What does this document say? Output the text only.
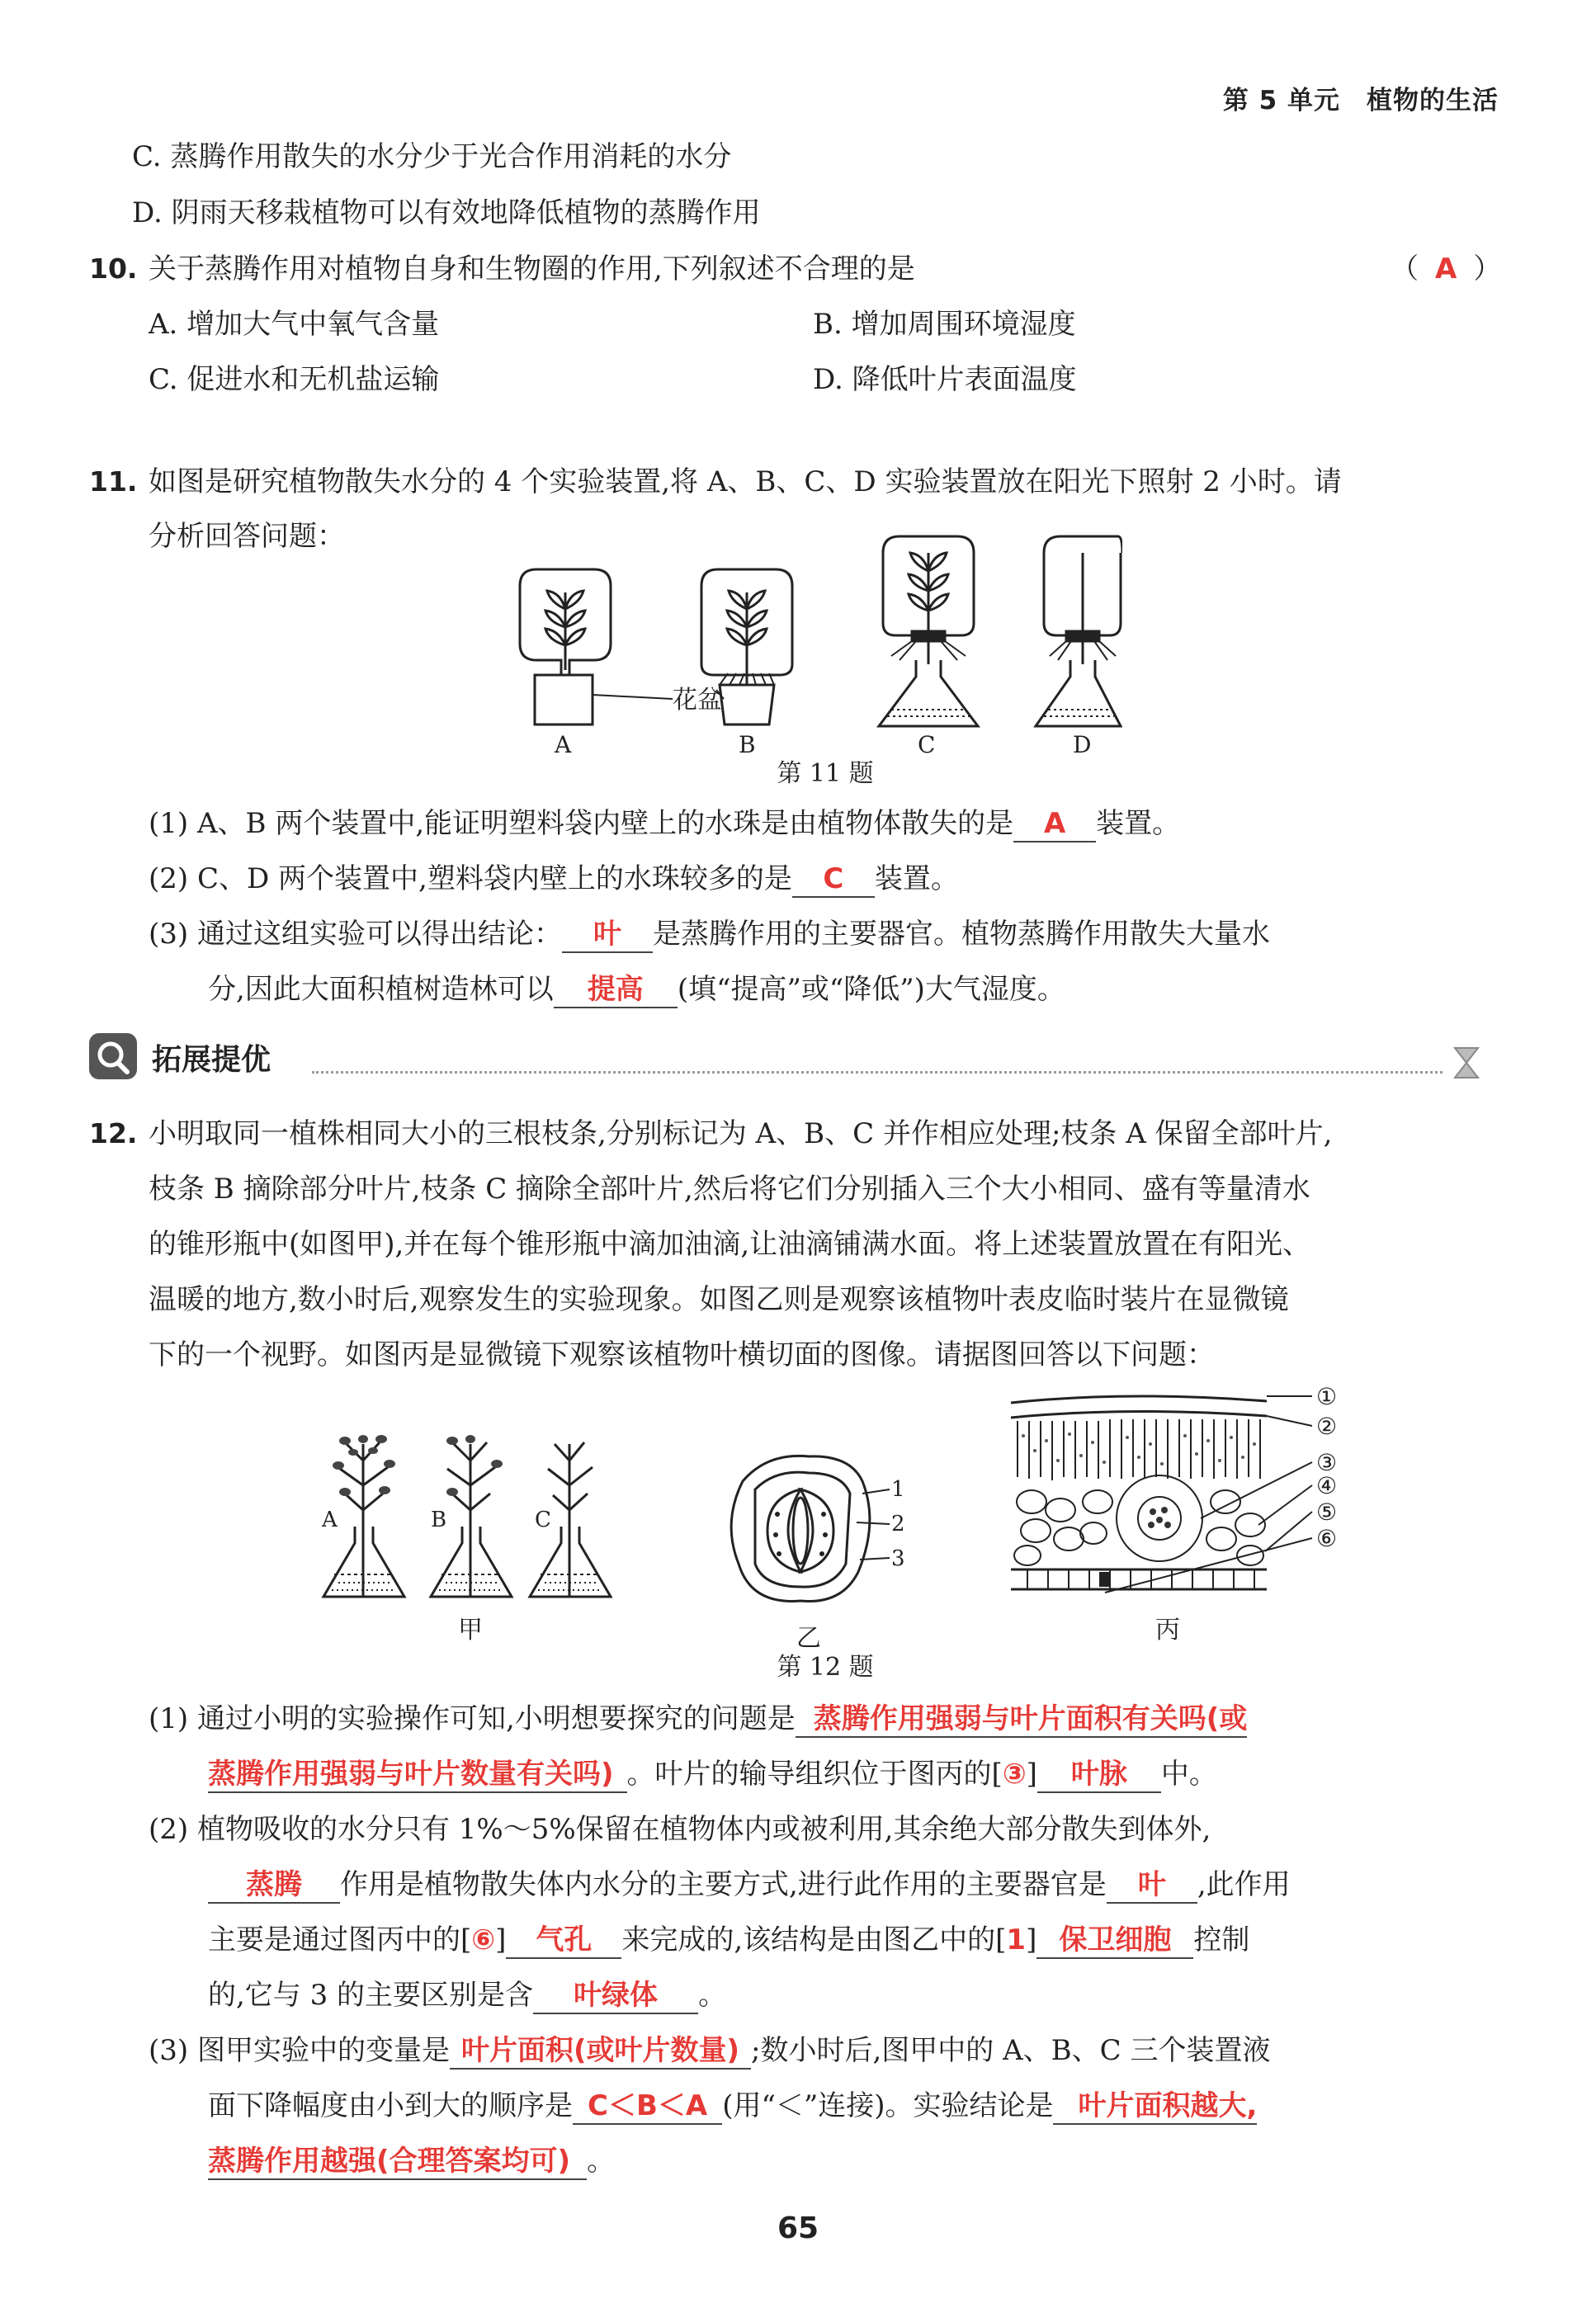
第 5 单元　植物的生活
C. 蒸腾作用散失的水分少于光合作用消耗的水分
D. 阴雨天移栽植物可以有效地降低植物的蒸腾作用
10. 关于蒸腾作用对植物自身和生物圈的作用,下列叙述不合理的是	（ A ）
A. 增加大气中氧气含量	B. 增加周围环境湿度
C. 促进水和无机盐运输	D. 降低叶片表面温度
11. 如图是研究植物散失水分的 4 个实验装置,将 A、B、C、D 实验装置放在阳光下照射 2 小时。请
分析回答问题：
花盆
A	B	C	D
第 11 题
(1) A、B 两个装置中,能证明塑料袋内壁上的水珠是由植物体散失的是 A 装置。
(2) C、D 两个装置中,塑料袋内壁上的水珠较多的是 C 装置。
(3) 通过这组实验可以得出结论： 叶 是蒸腾作用的主要器官。植物蒸腾作用散失大量水
分,因此大面积植树造林可以 提高 (填“提高”或“降低”)大气湿度。
拓展提优
12. 小明取同一植株相同大小的三根枝条,分别标记为 A、B、C 并作相应处理;枝条 A 保留全部叶片,
枝条 B 摘除部分叶片,枝条 C 摘除全部叶片,然后将它们分别插入三个大小相同、盛有等量清水
的锥形瓶中(如图甲),并在每个锥形瓶中滴加油滴,让油滴铺满水面。将上述装置放置在有阳光、
温暖的地方,数小时后,观察发生的实验现象。如图乙则是观察该植物叶表皮临时装片在显微镜
下的一个视野。如图丙是显微镜下观察该植物叶横切面的图像。请据图回答以下问题：
A	B	C
甲
1
2
3
乙
①
②
③
④
⑤
⑥
丙
第 12 题
(1) 通过小明的实验操作可知,小明想要探究的问题是 蒸腾作用强弱与叶片面积有关吗(或
蒸腾作用强弱与叶片数量有关吗) 。叶片的输导组织位于图丙的[③] 叶脉 中。
(2) 植物吸收的水分只有 1%～5%保留在植物体内或被利用,其余绝大部分散失到体外,
蒸腾 作用是植物散失体内水分的主要方式,进行此作用的主要器官是 叶 ,此作用
主要是通过图丙中的[⑥] 气孔 来完成的,该结构是由图乙中的[1] 保卫细胞 控制
的,它与 3 的主要区别是含 叶绿体 。
(3) 图甲实验中的变量是 叶片面积(或叶片数量) ;数小时后,图甲中的 A、B、C 三个装置液
面下降幅度由小到大的顺序是 C＜B＜A (用“＜”连接)。实验结论是 叶片面积越大,
蒸腾作用越强(合理答案均可) 。
65
